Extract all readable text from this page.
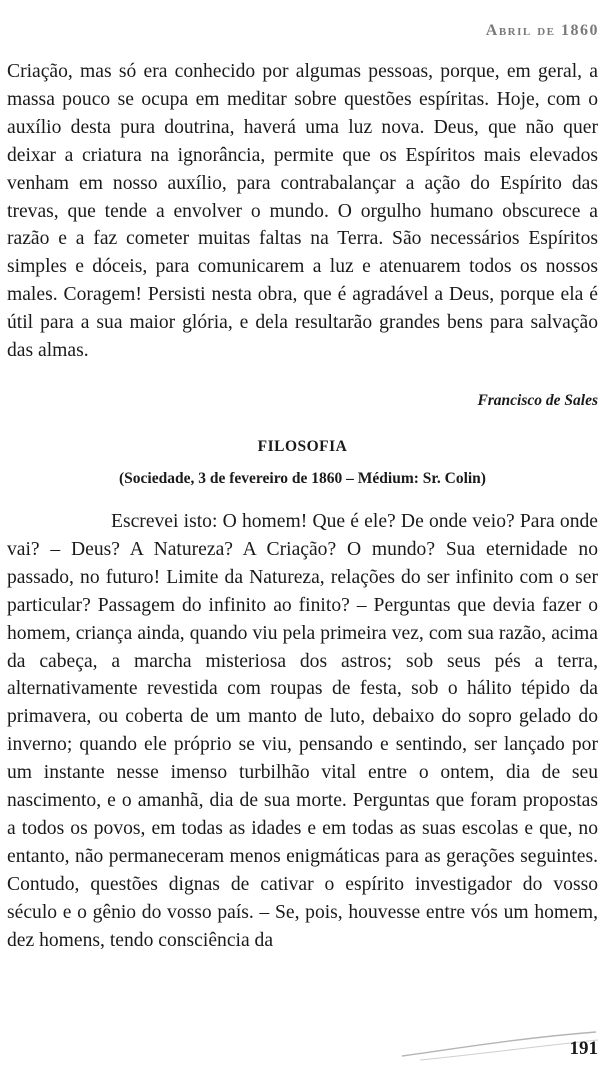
Abril de 1860

Criação, mas só era conhecido por algumas pessoas, porque, em geral, a massa pouco se ocupa em meditar sobre questões espíritas. Hoje, com o auxílio desta pura doutrina, haverá uma luz nova. Deus, que não quer deixar a criatura na ignorância, permite que os Espíritos mais elevados venham em nosso auxílio, para contrabalançar a ação do Espírito das trevas, que tende a envolver o mundo. O orgulho humano obscurece a razão e a faz cometer muitas faltas na Terra. São necessários Espíritos simples e dóceis, para comunicarem a luz e atenuarem todos os nossos males. Coragem! Persisti nesta obra, que é agradável a Deus, porque ela é útil para a sua maior glória, e dela resultarão grandes bens para salvação das almas.

Francisco de Sales

FILOSOFIA

(Sociedade, 3 de fevereiro de 1860 – Médium: Sr. Colin)

Escrevei isto: O homem! Que é ele? De onde veio? Para onde vai? – Deus? A Natureza? A Criação? O mundo? Sua eternidade no passado, no futuro! Limite da Natureza, relações do ser infinito com o ser particular? Passagem do infinito ao finito? – Perguntas que devia fazer o homem, criança ainda, quando viu pela primeira vez, com sua razão, acima da cabeça, a marcha misteriosa dos astros; sob seus pés a terra, alternativamente revestida com roupas de festa, sob o hálito tépido da primavera, ou coberta de um manto de luto, debaixo do sopro gelado do inverno; quando ele próprio se viu, pensando e sentindo, ser lançado por um instante nesse imenso turbilhão vital entre o ontem, dia de seu nascimento, e o amanhã, dia de sua morte. Perguntas que foram propostas a todos os povos, em todas as idades e em todas as suas escolas e que, no entanto, não permaneceram menos enigmáticas para as gerações seguintes. Contudo, questões dignas de cativar o espírito investigador do vosso século e o gênio do vosso país. – Se, pois, houvesse entre vós um homem, dez homens, tendo consciência da

191
